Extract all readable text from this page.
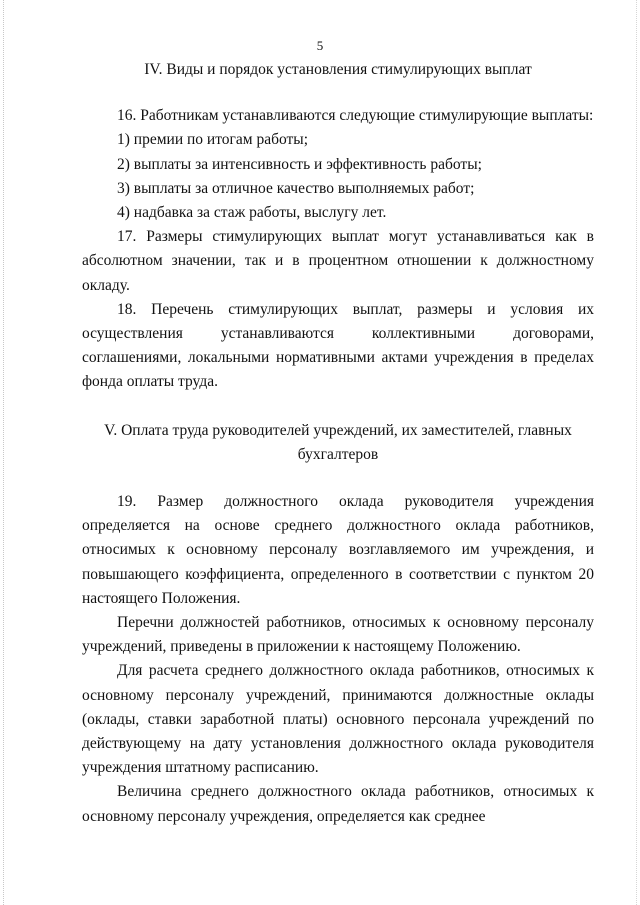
5
IV. Виды и порядок установления стимулирующих выплат

16. Работникам устанавливаются следующие стимулирующие выплаты:

1) премии по итогам работы;

2) выплаты за интенсивность и эффективность работы;

3) выплаты за отличное качество выполняемых работ;

4) надбавка за стаж работы, выслугу лет.

17. Размеры стимулирующих выплат могут устанавливаться как в абсолютном значении, так и в процентном отношении к должностному окладу.

18. Перечень стимулирующих выплат, размеры и условия их осуществления устанавливаются коллективными договорами, соглашениями, локальными нормативными актами учреждения в пределах фонда оплаты труда.

V. Оплата труда руководителей учреждений, их заместителей, главных бухгалтеров

19. Размер должностного оклада руководителя учреждения определяется на основе среднего должностного оклада работников, относимых к основному персоналу возглавляемого им учреждения, и повышающего коэффициента, определенного в соответствии с пунктом 20 настоящего Положения.

Перечни должностей работников, относимых к основному персоналу учреждений, приведены в приложении к настоящему Положению.

Для расчета среднего должностного оклада работников, относимых к основному персоналу учреждений, принимаются должностные оклады (оклады, ставки заработной платы) основного персонала учреждений по действующему на дату установления должностного оклада руководителя учреждения штатному расписанию.

Величина среднего должностного оклада работников, относимых к основному персоналу учреждения, определяется как среднее
